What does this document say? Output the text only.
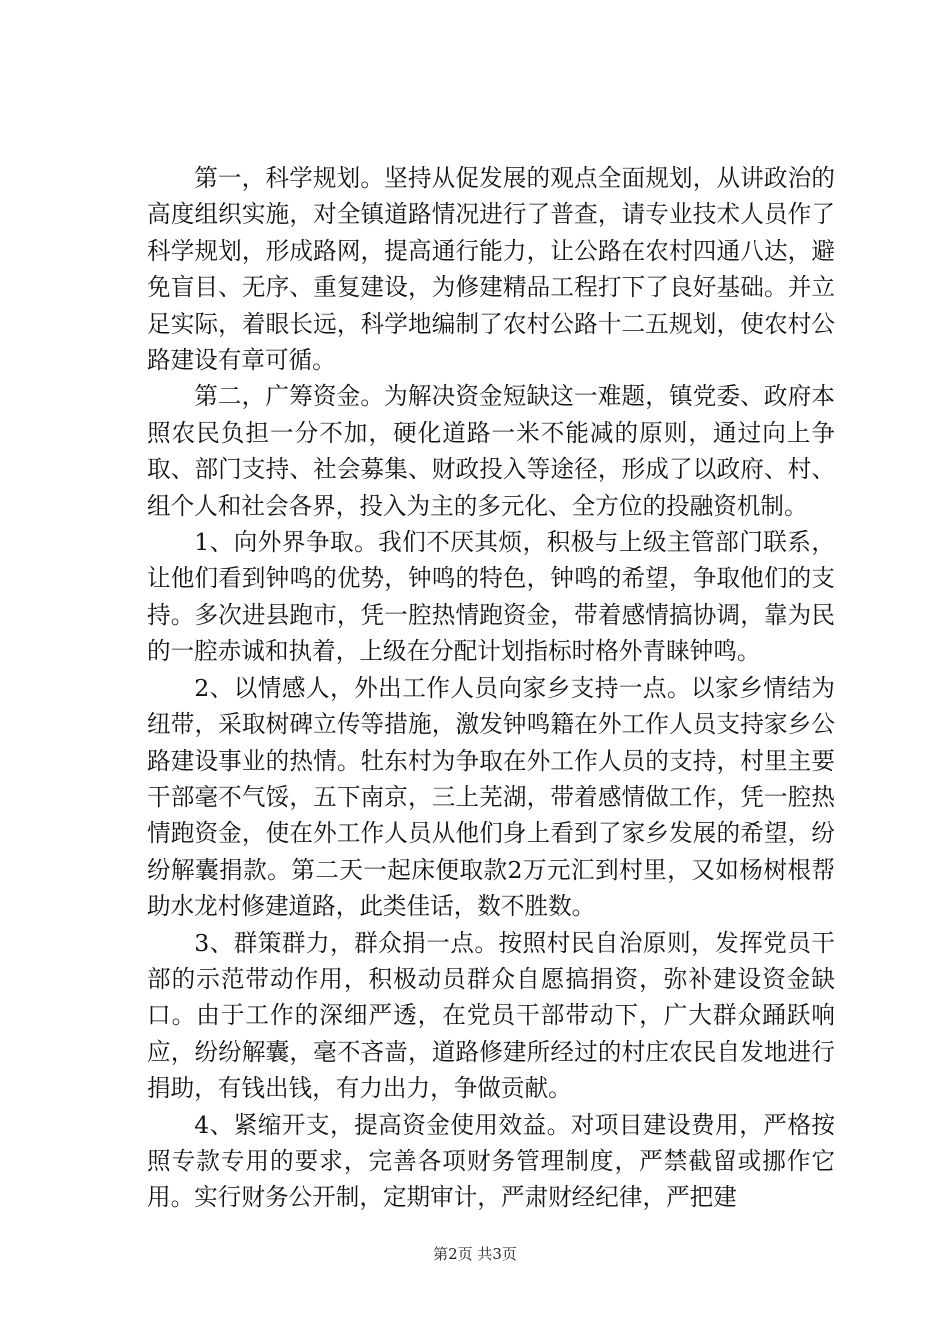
第一，科学规划。坚持从促发展的观点全面规划，从讲政治的高度组织实施，对全镇道路情况进行了普查，请专业技术人员作了科学规划，形成路网，提高通行能力，让公路在农村四通八达，避免盲目、无序、重复建设，为修建精品工程打下了良好基础。并立足实际，着眼长远，科学地编制了农村公路十二五规划，使农村公路建设有章可循。

第二，广筹资金。为解决资金短缺这一难题，镇党委、政府本照农民负担一分不加，硬化道路一米不能减的原则，通过向上争取、部门支持、社会募集、财政投入等途径，形成了以政府、村、组个人和社会各界，投入为主的多元化、全方位的投融资机制。

1、向外界争取。我们不厌其烦，积极与上级主管部门联系，让他们看到钟鸣的优势，钟鸣的特色，钟鸣的希望，争取他们的支持。多次进县跑市，凭一腔热情跑资金，带着感情搞协调，靠为民的一腔赤诚和执着，上级在分配计划指标时格外青睐钟鸣。

2、以情感人，外出工作人员向家乡支持一点。以家乡情结为纽带，采取树碑立传等措施，激发钟鸣籍在外工作人员支持家乡公路建设事业的热情。牡东村为争取在外工作人员的支持，村里主要干部毫不气馁，五下南京，三上芜湖，带着感情做工作，凭一腔热情跑资金，使在外工作人员从他们身上看到了家乡发展的希望，纷纷解囊捐款。第二天一起床便取款2万元汇到村里，又如杨树根帮助水龙村修建道路，此类佳话，数不胜数。

3、群策群力，群众捐一点。按照村民自治原则，发挥党员干部的示范带动作用，积极动员群众自愿搞捐资，弥补建设资金缺口。由于工作的深细严透，在党员干部带动下，广大群众踊跃响应，纷纷解囊，毫不吝啬，道路修建所经过的村庄农民自发地进行捐助，有钱出钱，有力出力，争做贡献。

4、紧缩开支，提高资金使用效益。对项目建设费用，严格按照专款专用的要求，完善各项财务管理制度，严禁截留或挪作它用。实行财务公开制，定期审计，严肃财经纪律，严把建

第2页 共3页
